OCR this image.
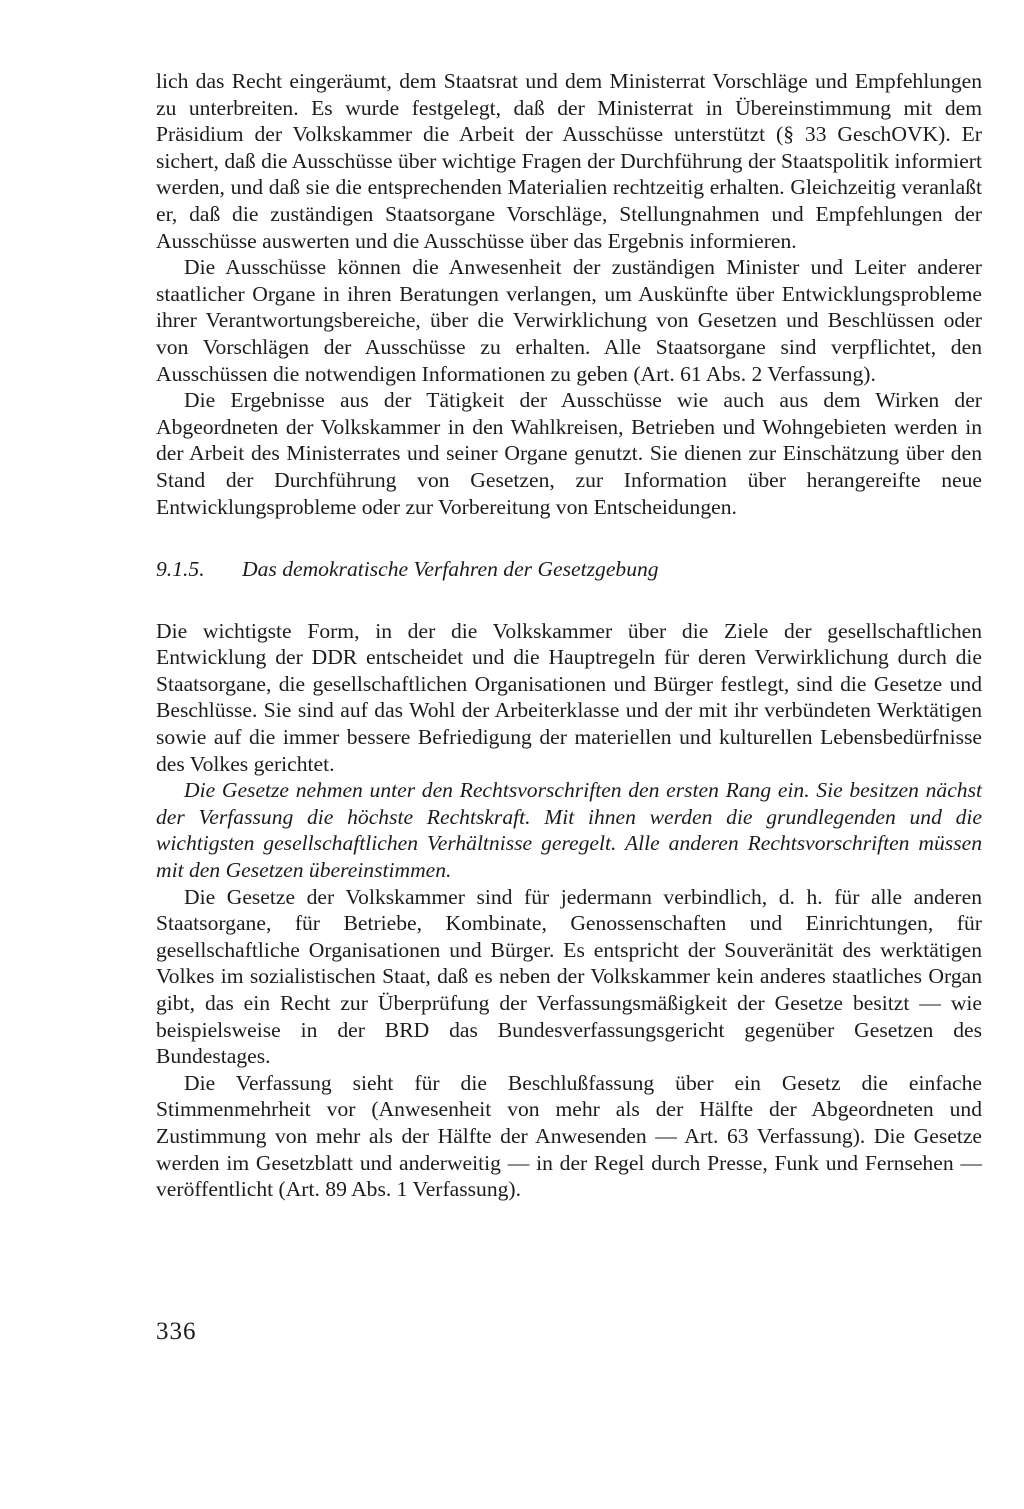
lich das Recht eingeräumt, dem Staatsrat und dem Ministerrat Vorschläge und Empfehlungen zu unterbreiten. Es wurde festgelegt, daß der Ministerrat in Übereinstimmung mit dem Präsidium der Volkskammer die Arbeit der Ausschüsse unterstützt (§ 33 GeschOVK). Er sichert, daß die Ausschüsse über wichtige Fragen der Durchführung der Staatspolitik informiert werden, und daß sie die entsprechenden Materialien rechtzeitig erhalten. Gleichzeitig veranlaßt er, daß die zuständigen Staatsorgane Vorschläge, Stellungnahmen und Empfehlungen der Ausschüsse auswerten und die Ausschüsse über das Ergebnis informieren.

Die Ausschüsse können die Anwesenheit der zuständigen Minister und Leiter anderer staatlicher Organe in ihren Beratungen verlangen, um Auskünfte über Entwicklungsprobleme ihrer Verantwortungsbereiche, über die Verwirklichung von Gesetzen und Beschlüssen oder von Vorschlägen der Ausschüsse zu erhalten. Alle Staatsorgane sind verpflichtet, den Ausschüssen die notwendigen Informationen zu geben (Art. 61 Abs. 2 Verfassung).

Die Ergebnisse aus der Tätigkeit der Ausschüsse wie auch aus dem Wirken der Abgeordneten der Volkskammer in den Wahlkreisen, Betrieben und Wohngebieten werden in der Arbeit des Ministerrates und seiner Organe genutzt. Sie dienen zur Einschätzung über den Stand der Durchführung von Gesetzen, zur Information über herangereifte neue Entwicklungsprobleme oder zur Vorbereitung von Entscheidungen.

9.1.5.	Das demokratische Verfahren der Gesetzgebung

Die wichtigste Form, in der die Volkskammer über die Ziele der gesellschaftlichen Entwicklung der DDR entscheidet und die Hauptregeln für deren Verwirklichung durch die Staatsorgane, die gesellschaftlichen Organisationen und Bürger festlegt, sind die Gesetze und Beschlüsse. Sie sind auf das Wohl der Arbeiterklasse und der mit ihr verbündeten Werktätigen sowie auf die immer bessere Befriedigung der materiellen und kulturellen Lebensbedürfnisse des Volkes gerichtet.

Die Gesetze nehmen unter den Rechtsvorschriften den ersten Rang ein. Sie besitzen nächst der Verfassung die höchste Rechtskraft. Mit ihnen werden die grundlegenden und die wichtigsten gesellschaftlichen Verhältnisse geregelt. Alle anderen Rechtsvorschriften müssen mit den Gesetzen übereinstimmen.

Die Gesetze der Volkskammer sind für jedermann verbindlich, d. h. für alle anderen Staatsorgane, für Betriebe, Kombinate, Genossenschaften und Einrichtungen, für gesellschaftliche Organisationen und Bürger. Es entspricht der Souveränität des werktätigen Volkes im sozialistischen Staat, daß es neben der Volkskammer kein anderes staatliches Organ gibt, das ein Recht zur Überprüfung der Verfassungsmäßigkeit der Gesetze besitzt — wie beispielsweise in der BRD das Bundesverfassungsgericht gegenüber Gesetzen des Bundestages.

Die Verfassung sieht für die Beschlußfassung über ein Gesetz die einfache Stimmenmehrheit vor (Anwesenheit von mehr als der Hälfte der Abgeordneten und Zustimmung von mehr als der Hälfte der Anwesenden — Art. 63 Verfassung). Die Gesetze werden im Gesetzblatt und anderweitig — in der Regel durch Presse, Funk und Fernsehen — veröffentlicht (Art. 89 Abs. 1 Verfassung).

336
